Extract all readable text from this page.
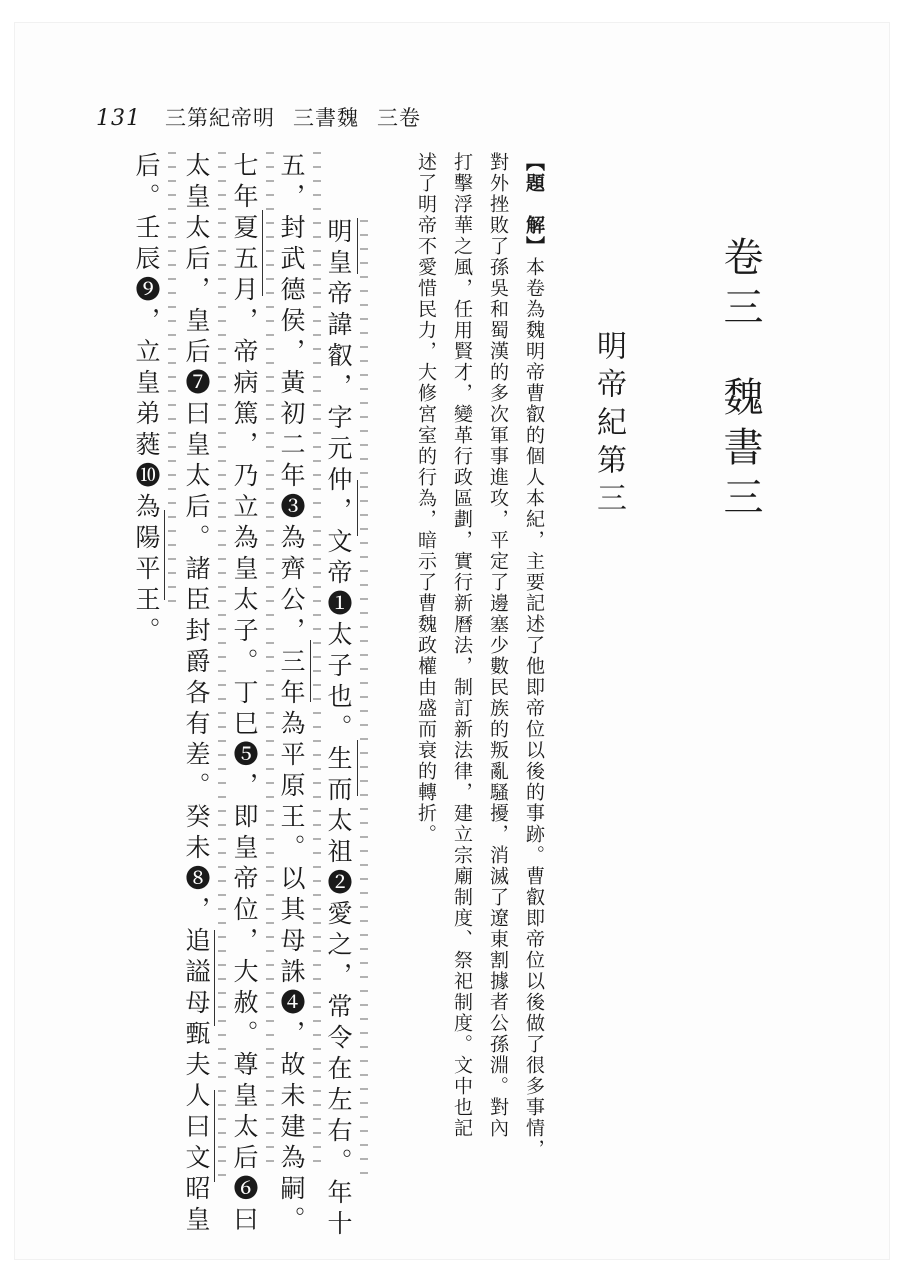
131 三第紀帝明 三書魏 三卷
卷三魏書三
明帝紀第三
【題　解】本卷為魏明帝曹叡的個人本紀，主要記述了他即帝位以後的事跡。曹叡即帝位以後做了很多事情，
對外挫敗了孫吳和蜀漢的多次軍事進攻，平定了邊塞少數民族的叛亂騷擾，消滅了遼東割據者公孫淵。對內
打擊浮華之風，任用賢才，變革行政區劃，實行新曆法，制訂新法律，建立宗廟制度、祭祀制度。文中也記
述了明帝不愛惜民力，大修宮室的行為，暗示了曹魏政權由盛而衰的轉折。
明皇帝諱叡，字元仲，文帝❶太子也。生而太祖❷愛之，常令在左右。年十
五，封武德侯，黃初二年❸為齊公，三年為平原王。以其母誅❹，故未建為嗣。
七年夏五月，帝病篤，乃立為皇太子。丁巳❺，即皇帝位，大赦。尊皇太后❻曰
太皇太后，皇后❼曰皇太后。諸臣封爵各有差。癸未❽，追謚母甄夫人曰文昭皇
后。壬辰❾，立皇弟蕤❿為陽平王。
